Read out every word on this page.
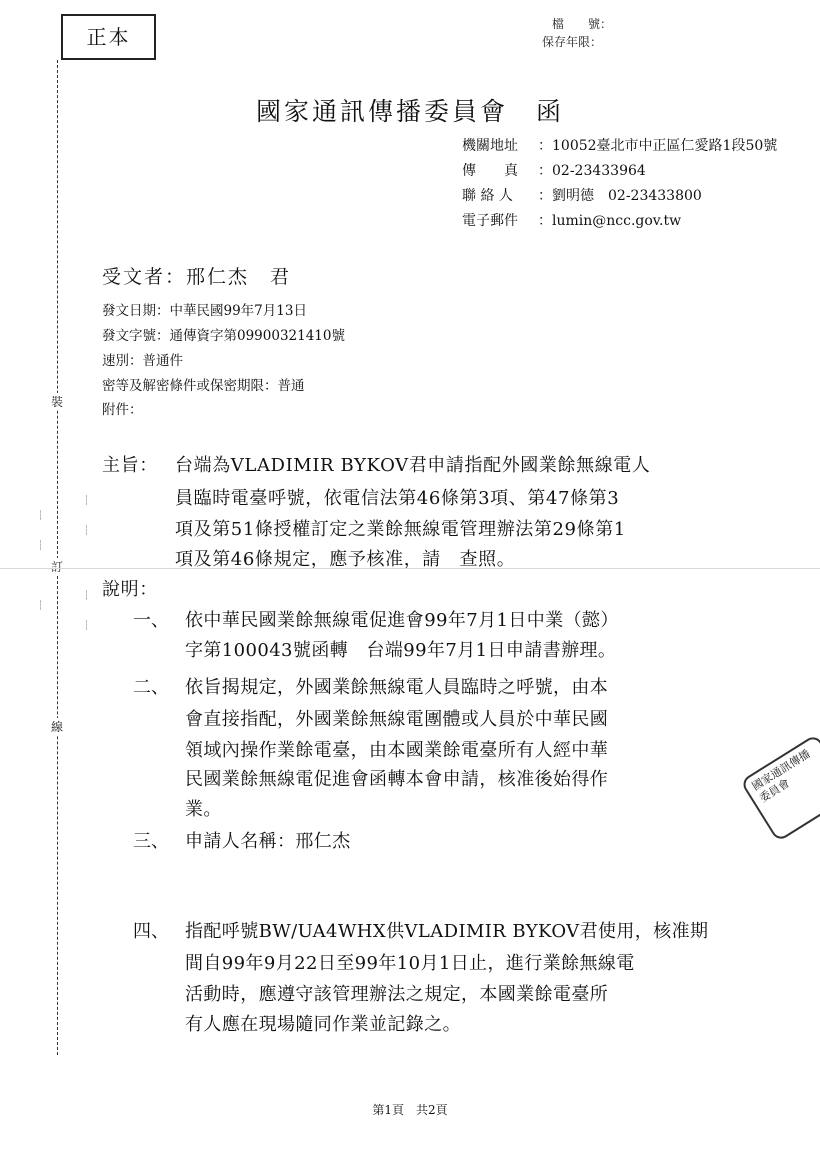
正本
檔　　號：
保存年限：
國家通訊傳播委員會　函
機關地址 ：10052臺北市中正區仁愛路1段50號
傳　　真 ：02-23433964
聯 絡 人 ：劉明德　02-23433800
電子郵件 ：lumin@ncc.gov.tw
受文者：邢仁杰　君
發文日期：中華民國99年7月13日
發文字號：通傳資字第09900321410號
速別：普通件
密等及解密條件或保密期限：普通
附件：
主旨： 台端為VLADIMIR BYKOV君申請指配外國業餘無線電人
員臨時電臺呼號，依電信法第46條第3項、第47條第3
項及第51條授權訂定之業餘無線電管理辦法第29條第1
項及第46條規定，應予核准，請　查照。
說明：
一、 依中華民國業餘無線電促進會99年7月1日中業（懿）
字第100043號函轉　台端99年7月1日申請書辦理。
二、 依旨揭規定，外國業餘無線電人員臨時之呼號，由本
會直接指配，外國業餘無線電團體或人員於中華民國
領域內操作業餘電臺，由本國業餘電臺所有人經中華
民國業餘無線電促進會函轉本會申請，核准後始得作
業。
三、 申請人名稱：邢仁杰
四、 指配呼號BW/UA4WHX供VLADIMIR BYKOV君使用，核准期
間自99年9月22日至99年10月1日止，進行業餘無線電
活動時，應遵守該管理辦法之規定，本國業餘電臺所
有人應在現場隨同作業並記錄之。
裝
訂
線
國家通訊傳播委員會
第1頁　共2頁
